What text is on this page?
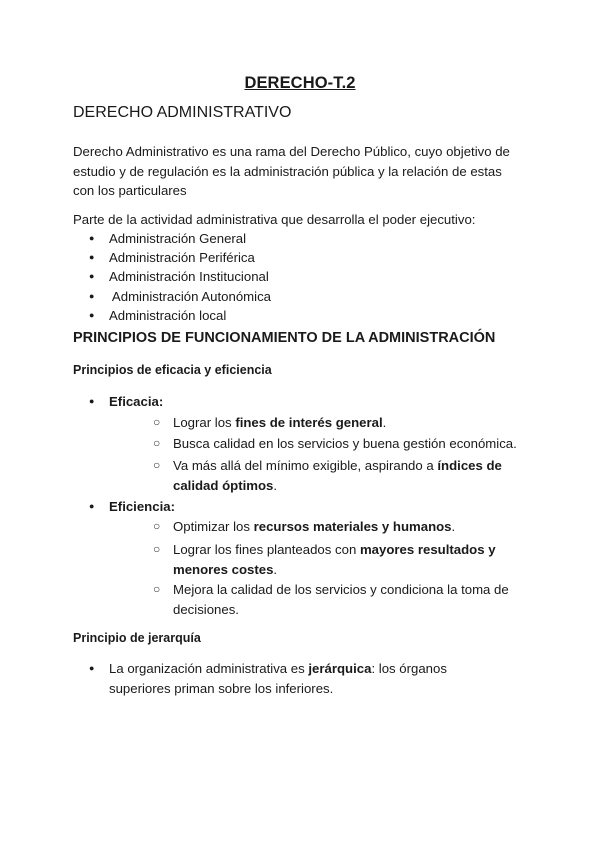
DERECHO-T.2
DERECHO ADMINISTRATIVO
Derecho Administrativo es una rama del Derecho Público, cuyo objetivo de estudio y de regulación es la administración pública y la relación de estas con los particulares
Parte de la actividad administrativa que desarrolla el poder ejecutivo:
● Administración General
● Administración Periférica
● Administración Institucional
● Administración Autonómica
● Administración local
PRINCIPIOS DE FUNCIONAMIENTO DE LA ADMINISTRACIÓN
Principios de eficacia y eficiencia
● Eficacia:
○ Lograr los fines de interés general.
○ Busca calidad en los servicios y buena gestión económica.
○ Va más allá del mínimo exigible, aspirando a índices de calidad óptimos.
● Eficiencia:
○ Optimizar los recursos materiales y humanos.
○ Lograr los fines planteados con mayores resultados y menores costes.
○ Mejora la calidad de los servicios y condiciona la toma de decisiones.
Principio de jerarquía
● La organización administrativa es jerárquica: los órganos superiores priman sobre los inferiores.
